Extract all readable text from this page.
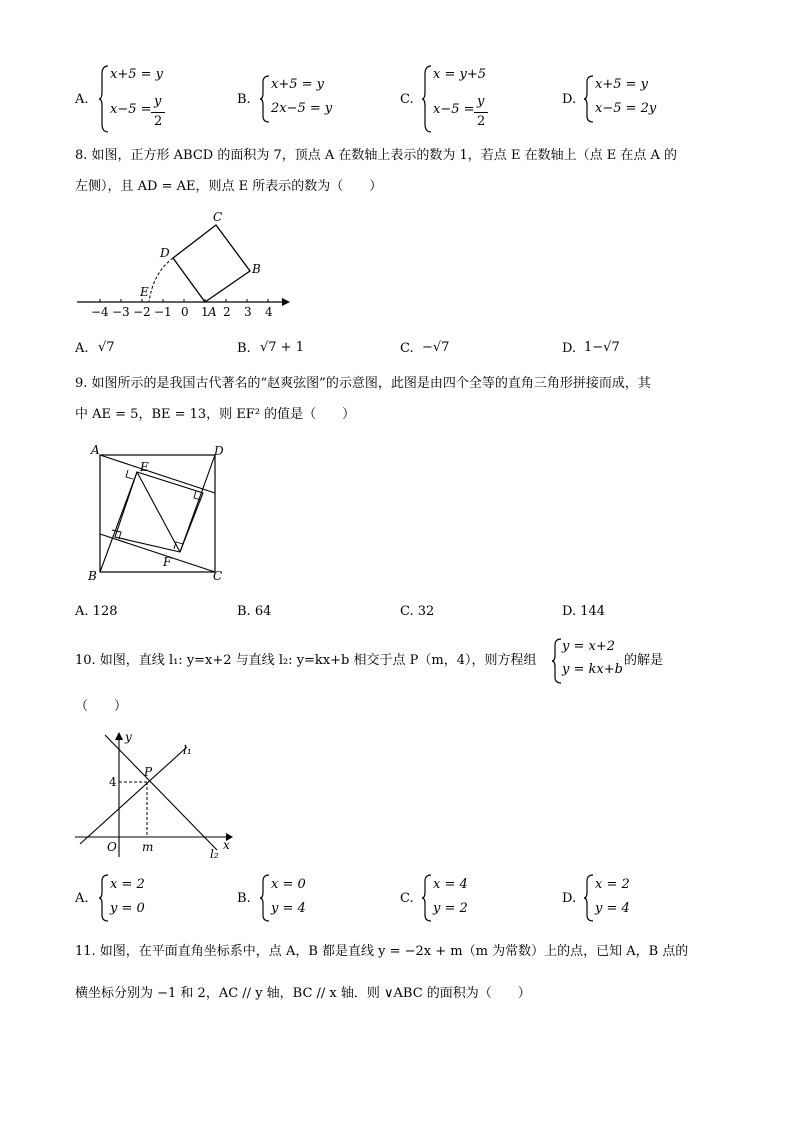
A.
x+5 = y
x−5 =
y
2
B.
x+5 = y
2x−5 = y
C.
x = y+5
x−5 =
y
2
D.
x+5 = y
x−5 = 2y
8. 如图，正方形 ABCD 的面积为 7，顶点 A 在数轴上表示的数为 1，若点 E 在数轴上（点 E 在点 A 的
左侧），且 AD = AE，则点 E 所表示的数为（　　）
C
D
B
E
A
−4 −3 −2 −1 0	2 3 4
1
A. √7	B. √7 + 1	C. −√7	D. 1−√7
9. 如图所示的是我国古代著名的“赵爽弦图”的示意图，此图是由四个全等的直角三角形拼接而成，其
中 AE = 5，BE = 13，则 EF² 的值是（　　）
A	D
E
B
F
C
A. 128	B. 64	C. 32	D. 144
10. 如图，直线 l₁: y=x+2 与直线 l₂: y=kx+b 相交于点 P（m，4），则方程组
y = x+2
y = kx+b
的解是
（　　）
y
l₁
P
4
O m	x
l₂
A.
x = 2
y = 0
B.
x = 0
y = 4
C.
x = 4
y = 2
D.
x = 2
y = 4
11. 如图，在平面直角坐标系中，点 A，B 都是直线 y = −2x + m（m 为常数）上的点，已知 A，B 点的
横坐标分别为 −1 和 2，AC // y 轴，BC // x 轴．则 ∨ABC 的面积为（　　）
